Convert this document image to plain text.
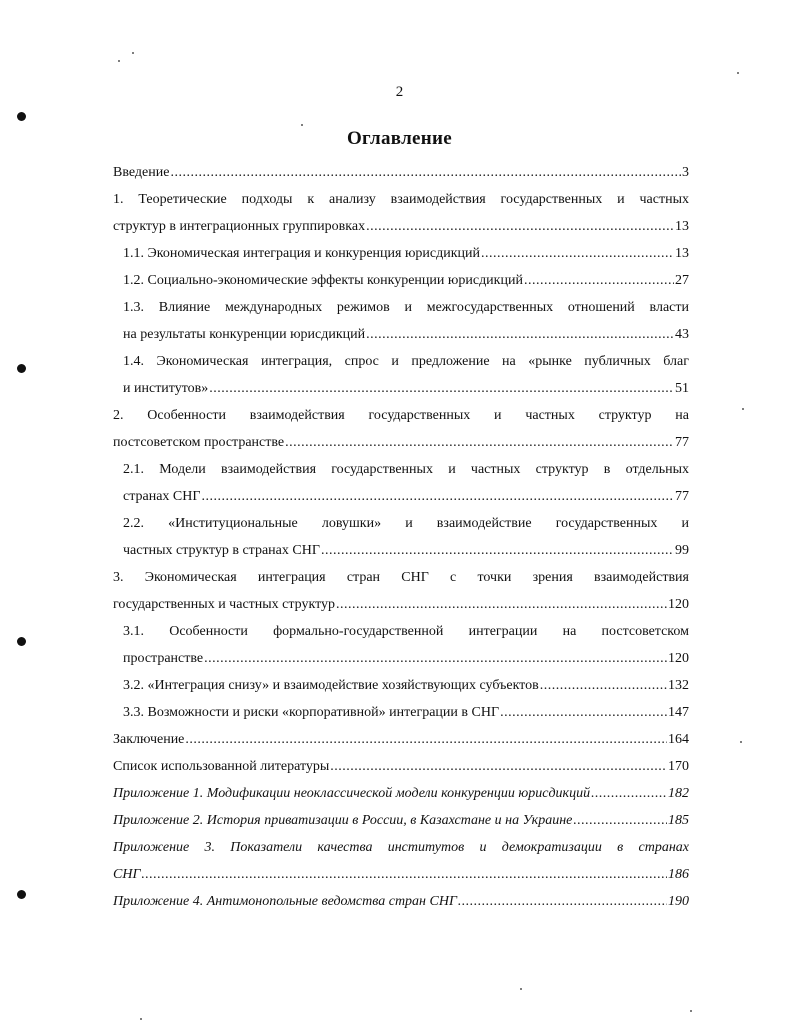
2
Оглавление
Введение .....	3
1. Теоретические подходы к анализу взаимодействия государственных и частных
структур в интеграционных группировках .....	13
1.1. Экономическая интеграция и конкуренция юрисдикций .....	13
1.2. Социально-экономические эффекты конкуренции юрисдикций .....	27
1.3. Влияние международных режимов и межгосударственных отношений власти
на результаты конкуренции юрисдикций .....	43
1.4. Экономическая интеграция, спрос и предложение на «рынке публичных благ
и институтов» .....	51
2. Особенности взаимодействия государственных и частных структур на
постсоветском пространстве .....	77
2.1. Модели взаимодействия государственных и частных структур в отдельных
странах СНГ .....	77
2.2. «Институциональные ловушки» и взаимодействие государственных и
частных структур в странах СНГ .....	99
3. Экономическая интеграция стран СНГ с точки зрения взаимодействия
государственных и частных структур .....	120
3.1. Особенности формально-государственной интеграции на постсоветском
пространстве .....	120
3.2. «Интеграция снизу» и взаимодействие хозяйствующих субъектов .....	132
3.3. Возможности и риски «корпоративной» интеграции в СНГ .....	147
Заключение .....	164
Список использованной литературы .....	170
Приложение 1. Модификации неоклассической модели конкуренции юрисдикций .....	182
Приложение 2. История приватизации в России, в Казахстане и на Украине .....	185
Приложение 3. Показатели качества институтов и демократизации в странах
СНГ .....	186
Приложение 4. Антимонопольные ведомства стран СНГ .....	190
